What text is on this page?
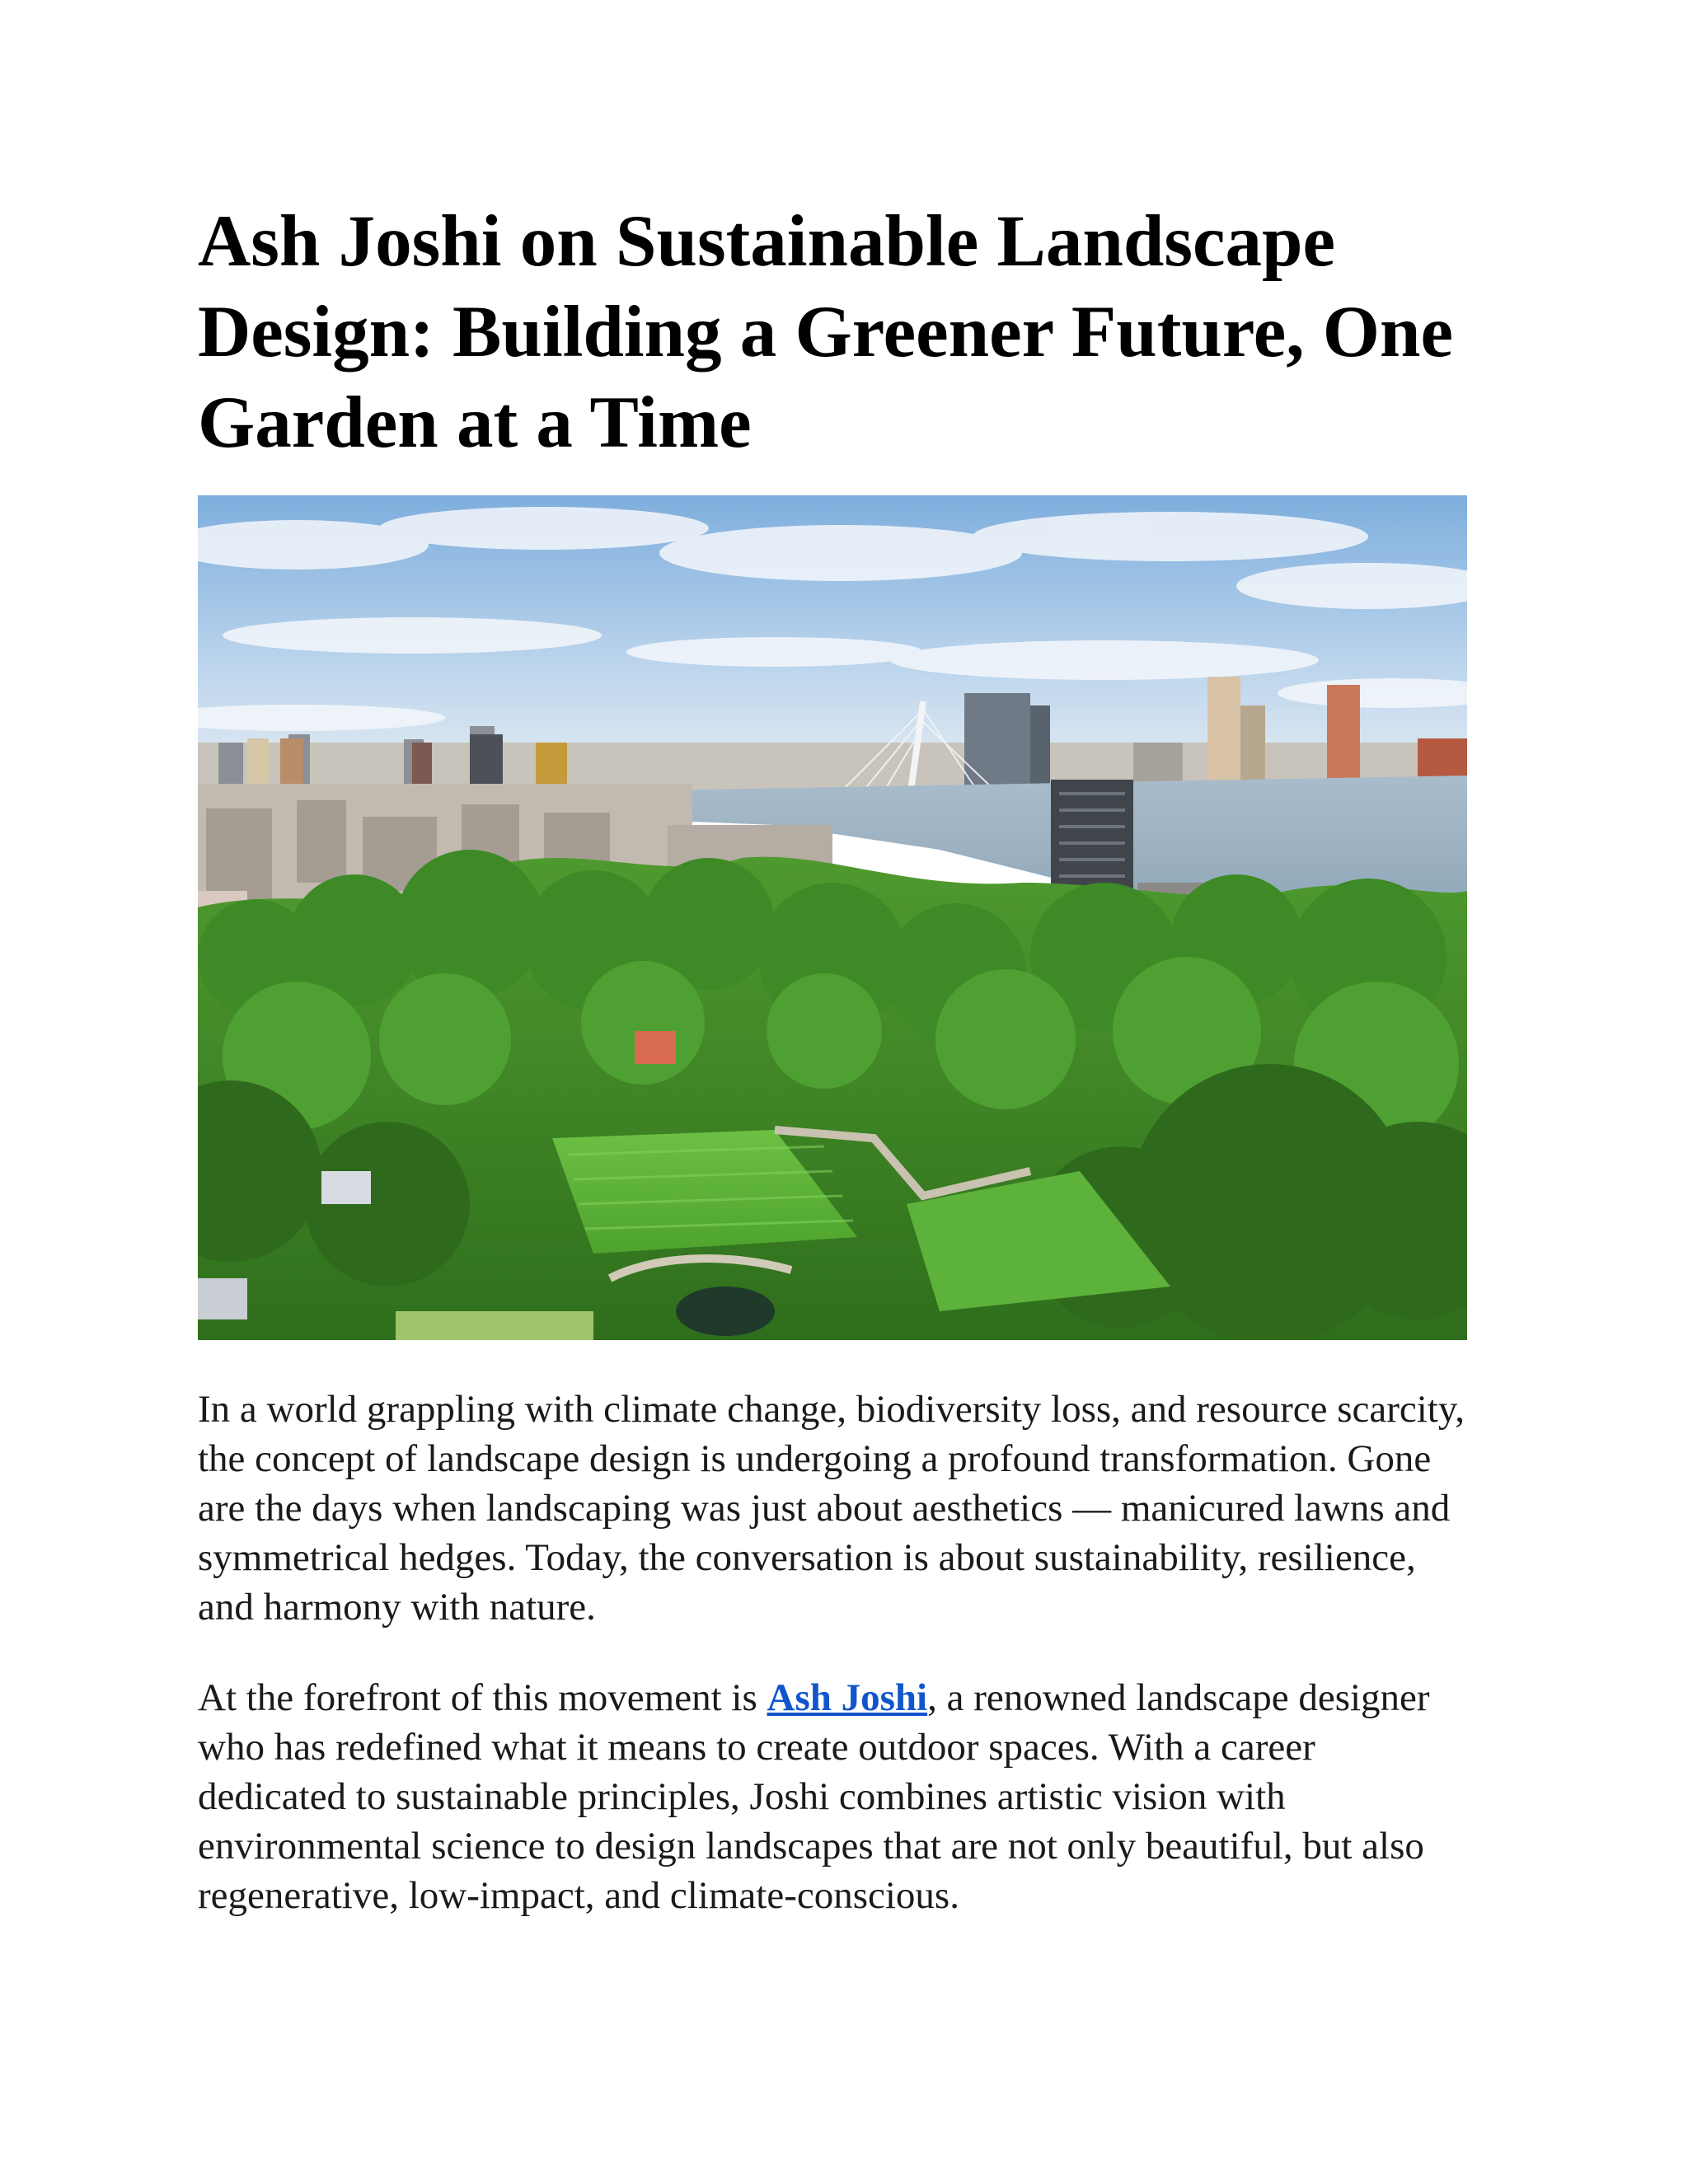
Ash Joshi on Sustainable Landscape Design: Building a Greener Future, One Garden at a Time

In a world grappling with climate change, biodiversity loss, and resource scarcity, the concept of landscape design is undergoing a profound transformation. Gone are the days when landscaping was just about aesthetics — manicured lawns and symmetrical hedges. Today, the conversation is about sustainability, resilience, and harmony with nature.

At the forefront of this movement is Ash Joshi, a renowned landscape designer who has redefined what it means to create outdoor spaces. With a career dedicated to sustainable principles, Joshi combines artistic vision with environmental science to design landscapes that are not only beautiful, but also regenerative, low-impact, and climate-conscious.
